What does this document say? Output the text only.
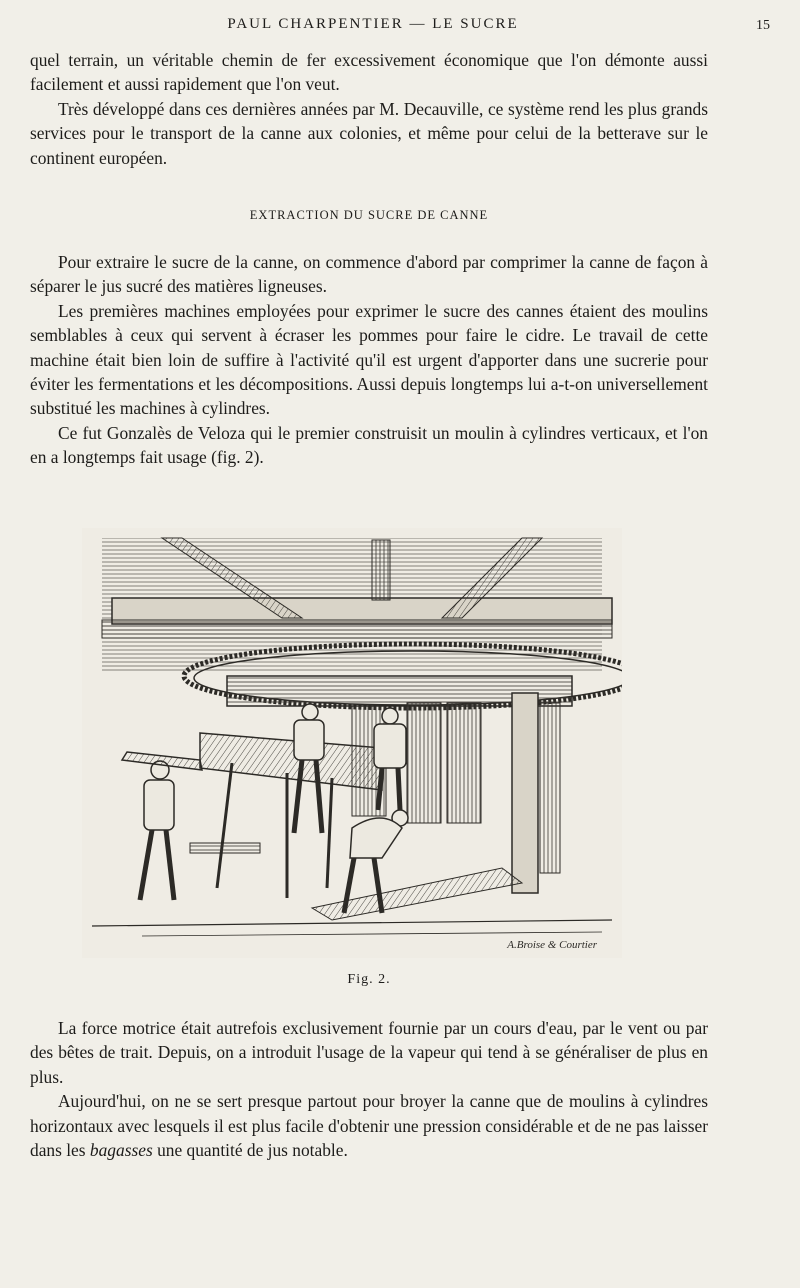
PAUL CHARPENTIER — LE SUCRE	15

quel terrain, un véritable chemin de fer excessivement économique que l'on démonte aussi facilement et aussi rapidement que l'on veut.

Très développé dans ces dernières années par M. Decauville, ce système rend les plus grands services pour le transport de la canne aux colonies, et même pour celui de la betterave sur le continent européen.

EXTRACTION DU SUCRE DE CANNE

Pour extraire le sucre de la canne, on commence d'abord par comprimer la canne de façon à séparer le jus sucré des matières ligneuses.

Les premières machines employées pour exprimer le sucre des cannes étaient des moulins semblables à ceux qui servent à écraser les pommes pour faire le cidre. Le travail de cette machine était bien loin de suffire à l'activité qu'il est urgent d'apporter dans une sucrerie pour éviter les fermentations et les décompositions. Aussi depuis longtemps lui a-t-on universellement substitué les machines à cylindres.

Ce fut Gonzalès de Veloza qui le premier construisit un moulin à cylindres verticaux, et l'on en a longtemps fait usage (fig. 2).

A.Broise & Courtier
Fig. 2.

La force motrice était autrefois exclusivement fournie par un cours d'eau, par le vent ou par des bêtes de trait. Depuis, on a introduit l'usage de la vapeur qui tend à se généraliser de plus en plus.

Aujourd'hui, on ne se sert presque partout pour broyer la canne que de moulins à cylindres horizontaux avec lesquels il est plus facile d'obtenir une pression considérable et de ne pas laisser dans les bagasses une quantité de jus notable.
